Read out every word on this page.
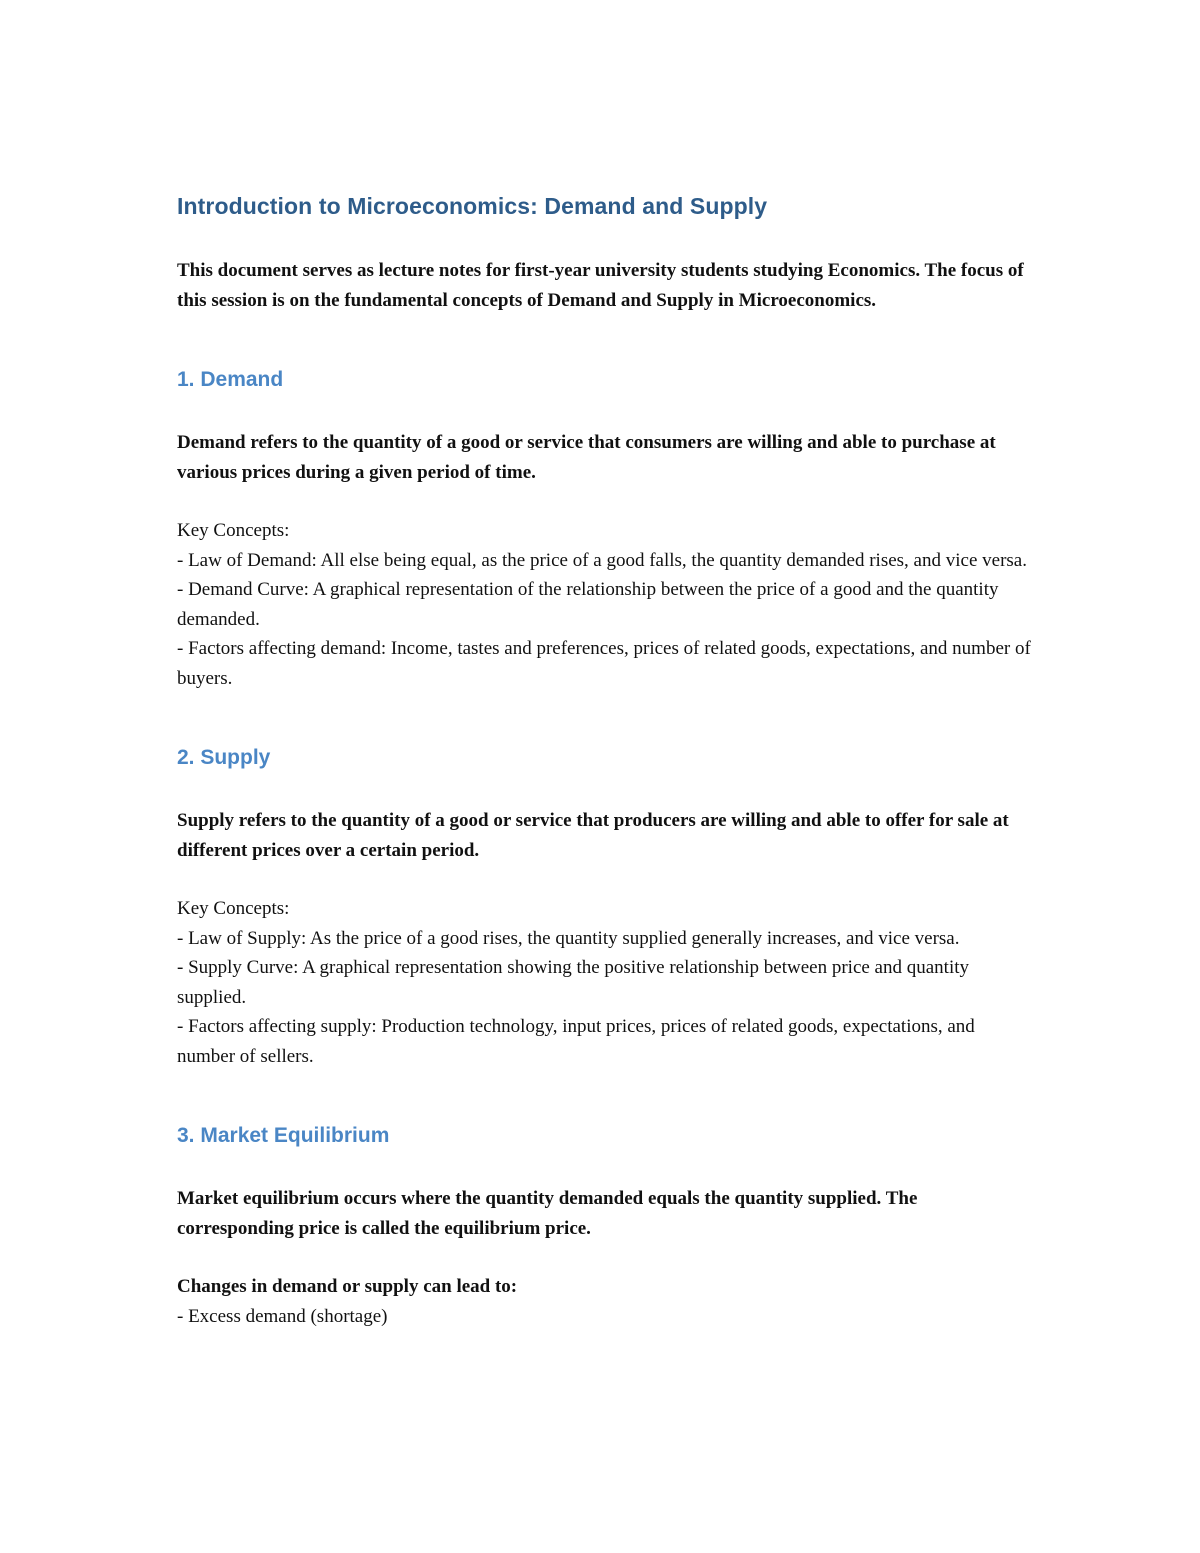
Introduction to Microeconomics: Demand and Supply

This document serves as lecture notes for first-year university students studying Economics. The focus of this session is on the fundamental concepts of Demand and Supply in Microeconomics.

1. Demand

Demand refers to the quantity of a good or service that consumers are willing and able to purchase at various prices during a given period of time.

Key Concepts:

- Law of Demand: All else being equal, as the price of a good falls, the quantity demanded rises, and vice versa.
- Demand Curve: A graphical representation of the relationship between the price of a good and the quantity demanded.
- Factors affecting demand: Income, tastes and preferences, prices of related goods, expectations, and number of buyers.
2. Supply

Supply refers to the quantity of a good or service that producers are willing and able to offer for sale at different prices over a certain period.

Key Concepts:

- Law of Supply: As the price of a good rises, the quantity supplied generally increases, and vice versa.
- Supply Curve: A graphical representation showing the positive relationship between price and quantity supplied.
- Factors affecting supply: Production technology, input prices, prices of related goods, expectations, and number of sellers.
3. Market Equilibrium

Market equilibrium occurs where the quantity demanded equals the quantity supplied. The corresponding price is called the equilibrium price.

Changes in demand or supply can lead to:

- Excess demand (shortage)
